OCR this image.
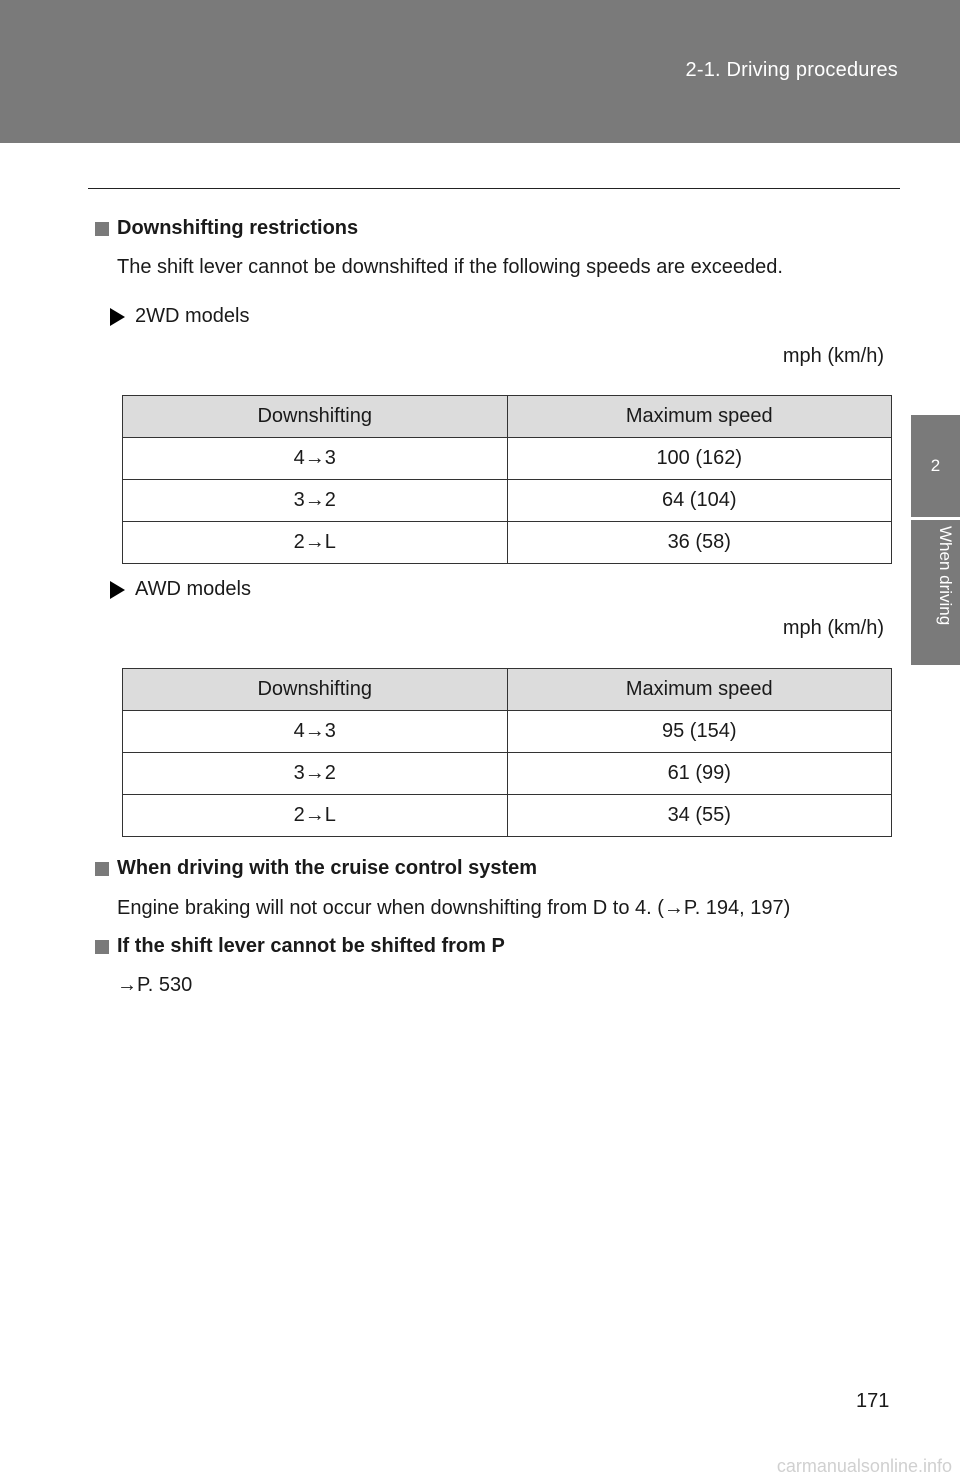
2-1. Driving procedures
2
When driving
Downshifting restrictions
The shift lever cannot be downshifted if the following speeds are exceeded.
2WD models
mph (km/h)
Downshifting	Maximum speed
4→3	100 (162)
3→2	64 (104)
2→L	36 (58)
AWD models
mph (km/h)
Downshifting	Maximum speed
4→3	95 (154)
3→2	61 (99)
2→L	34 (55)
When driving with the cruise control system
Engine braking will not occur when downshifting from D to 4. (→P. 194, 197)
If the shift lever cannot be shifted from P
→P. 530
171
carmanualsonline.info
